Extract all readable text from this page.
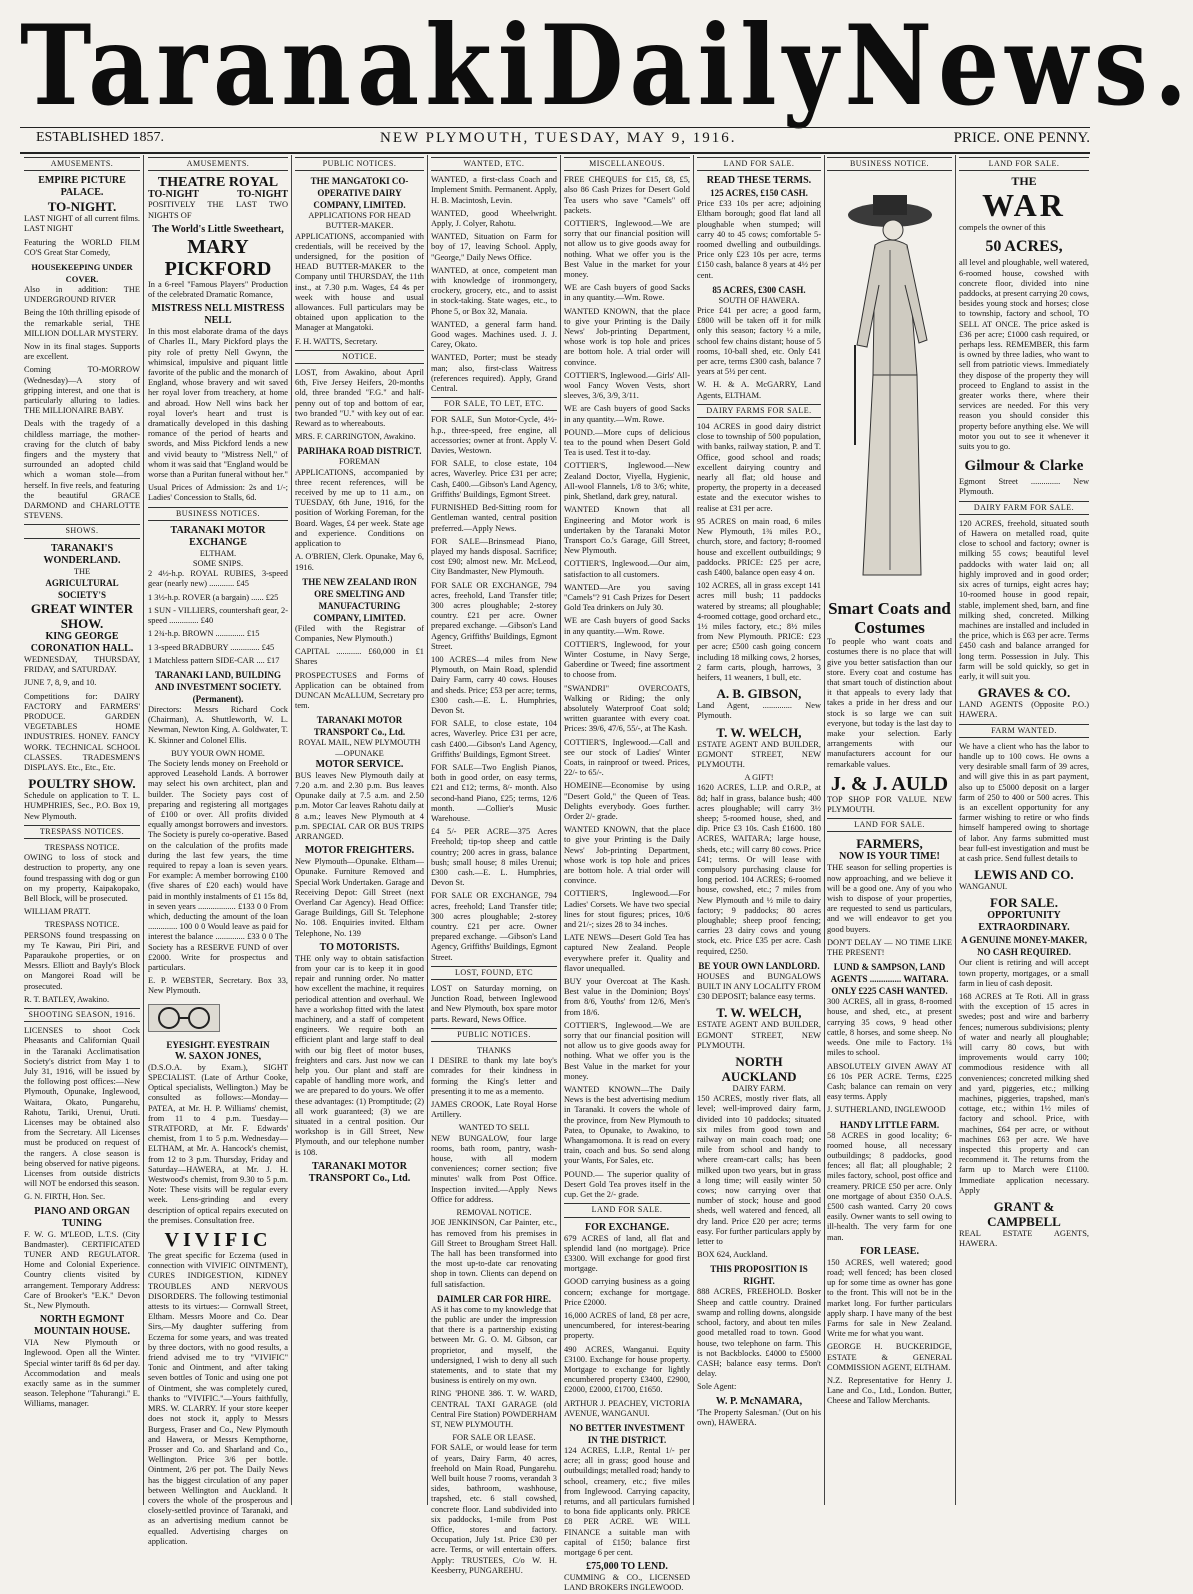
Taranaki Daily News.
ESTABLISHED 1857.	NEW PLYMOUTH, TUESDAY, MAY 9, 1916.	PRICE. ONE PENNY.
AMUSEMENTS.
EMPIRE PICTURE PALACE.
TO-NIGHT.

LAST NIGHT of all current films. LAST NIGHT

Featuring the WORLD FILM CO'S Great Star Comedy,

HOUSEKEEPING UNDER COVER.

Also in addition: THE UNDERGROUND RIVER

Being the 10th thrilling episode of the remarkable serial, THE MILLION DOLLAR MYSTERY.

Now in its final stages. Supports are excellent.

Coming TO-MORROW (Wednesday)—A story of gripping interest, and one that is particularly alluring to ladies. THE MILLIONAIRE BABY.

Deals with the tragedy of a childless marriage, the mother-craving for the clutch of baby fingers and the mystery that surrounded an adopted child which a woman stole—from herself. In five reels, and featuring the beautiful GRACE DARMOND and CHARLOTTE STEVENS.

SHOWS.
TARANAKI'S WONDERLAND.
THE
AGRICULTURAL SOCIETY'S
GREAT WINTER SHOW.
KING GEORGE CORONATION HALL.

WEDNESDAY, THURSDAY, FRIDAY, and SATURDAY.

JUNE 7, 8, 9, and 10.

Competitions for: DAIRY FACTORY and FARMERS' PRODUCE. GARDEN VEGETABLES HOME INDUSTRIES. HONEY. FANCY WORK. TECHNICAL SCHOOL CLASSES. TRADESMEN'S DISPLAYS. Etc., Etc., Etc.

POULTRY SHOW.

Schedule on application to T. L. HUMPHRIES, Sec., P.O. Box 19, New Plymouth.

TRESPASS NOTICES.
TRESPASS NOTICE.

OWING to loss of stock and destruction to property, any one found trespassing with dog or gun on my property, Kaipakopako, Bell Block, will be prosecuted.

WILLIAM PRATT.

TRESPASS NOTICE.

PERSONS found trespassing on my Te Kawau, Piri Piri, and Paparaukohe properties, or on Messrs. Elliott and Bayly's Block on Mangorei Road will be prosecuted.

R. T. BATLEY, Awakino.

SHOOTING SEASON, 1916.

LICENSES to shoot Cock Pheasants and Californian Quail in the Taranaki Acclimatisation Society's district from May 1 to July 31, 1916, will be issued by the following post offices:—New Plymouth, Opunake, Inglewood, Waitara, Okato, Pungarehu, Rahotu, Tariki, Urenui, Uruti. Licenses may be obtained also from the Secretary. All Licenses must be produced on request of the rangers. A close season is being observed for native pigeons. Licenses from outside districts will NOT be endorsed this season.

G. N. FIRTH, Hon. Sec.

PIANO AND ORGAN TUNING

F. W. G. M'LEOD, L.T.S. (City Bandmaster). CERTIFICATED TUNER AND REGULATOR. Home and Colonial Experience. Country clients visited by arrangement. Temporary Address: Care of Brooker's "E.K." Devon St., New Plymouth.

NORTH EGMONT MOUNTAIN HOUSE.

VIA New Plymouth or Inglewood. Open all the Winter. Special winter tariff 8s 6d per day. Accommodation and meals exactly same as in the summer season. Telephone "Tahurangi." E. Williams, manager.

AMUSEMENTS.
THEATRE ROYAL
TO-NIGHT	TO-NIGHT

POSITIVELY THE LAST TWO NIGHTS OF

The World's Little Sweetheart,
MARY PICKFORD

In a 6-reel "Famous Players" Production of the celebrated Dramatic Romance,

MISTRESS NELL MISTRESS NELL

In this most elaborate drama of the days of Charles II., Mary Pickford plays the pity role of pretty Nell Gwynn, the whimsical, impulsive and piquant little favorite of the public and the monarch of England, whose bravery and wit saved her royal lover from treachery, at home and abroad. How Nell wins back her royal lover's heart and trust is dramatically developed in this dashing romance of the period of hearts and swords, and Miss Pickford lends a new and vivid beauty to "Mistress Nell," of whom it was said that "England would be worse than a Puritan funeral without her."

Usual Prices of Admission: 2s and 1/-; Ladies' Concession to Stalls, 6d.

BUSINESS NOTICES.
TARANAKI MOTOR EXCHANGE
ELTHAM.
SOME SNIPS.

2 4½-h.p. ROYAL RUBIES, 3-speed gear (nearly new) ............ £45

1 3½-h.p. ROVER (a bargain) ...... £25

1 SUN - VILLIERS, countershaft gear, 2-speed .............. £40

1 2¾-h.p. BROWN .............. £15

1 3-speed BRADBURY .............. £45

1 Matchless pattern SIDE-CAR .... £17

TARANAKI LAND, BUILDING AND INVESTMENT SOCIETY. (Permanent).

Directors: Messrs Richard Cock (Chairman), A. Shuttleworth, W. L. Newman, Newton King, A. Goldwater, T. K. Skinner and Colonel Ellis.

BUY YOUR OWN HOME.

The Society lends money on Freehold or approved Leasehold Lands. A borrower may select his own architect, plan and builder. The Society pays cost of preparing and registering all mortgages of £100 or over. All profits divided equally amongst borrowers and investors. The Society is purely co-operative. Based on the calculation of the profits made during the last few years, the time required to repay a loan is seven years. For example: A member borrowing £100 (five shares of £20 each) would have paid in monthly instalments of £1 15s 8d, in seven years .................. £133 0 0 From which, deducting the amount of the loan .............. 100 0 0 Would leave as paid for interest the balance .............. £33 0 0 The Society has a RESERVE FUND of over £2000. Write for prospectus and particulars.

E. P. WEBSTER, Secretary. Box 33, New Plymouth.

EYESIGHT. EYESTRAIN
W. SAXON JONES,

(D.S.O.A. by Exam.), SIGHT SPECIALIST. (Late of Arthur Cooke, Optical specialists, Wellington.) May be consulted as follows:—Monday—PATEA, at Mr. H. P. Williams' chemist, from 11 to 4 p.m. Tuesday—STRATFORD, at Mr. F. Edwards' chemist, from 1 to 5 p.m. Wednesday—ELTHAM, at Mr. A. Hancock's chemist, from 12 to 3 p.m. Thursday, Friday and Saturday—HAWERA, at Mr. J. H. Westwood's chemist, from 9.30 to 5 p.m. Note: These visits will be regular every week. Lens-grinding and every description of optical repairs executed on the premises. Consultation free.

VIVIFIC

The great specific for Eczema (used in connection with VIVIFIC OINTMENT), CURES INDIGESTION, KIDNEY TROUBLES AND NERVOUS DISORDERS. The following testimonial attests to its virtues:— Cornwall Street, Eltham. Messrs Moore and Co. Dear Sirs,—My daughter suffering from Eczema for some years, and was treated by three doctors, with no good results, a friend advised me to try "VIVIFIC" Tonic and Ointment, and after taking seven bottles of Tonic and using one pot of Ointment, she was completely cured, thanks to "VIVIFIC."—Yours faithfully, MRS. W. CLARRY. If your store keeper does not stock it, apply to Messrs Burgess, Fraser and Co., New Plymouth and Hawera, or Messrs Kempthorne, Prosser and Co. and Sharland and Co., Wellington. Price 3/6 per bottle. Ointment, 2/6 per pot. The Daily News has the biggest circulation of any paper between Wellington and Auckland. It covers the whole of the prosperous and closely-settled province of Taranaki, and as an advertising medium cannot be equalled. Advertising charges on application.

PUBLIC NOTICES.
THE MANGATOKI CO-OPERATIVE DAIRY COMPANY, LIMITED.
APPLICATIONS FOR HEAD BUTTER-MAKER.

APPLICATIONS, accompanied with credentials, will be received by the undersigned, for the position of HEAD BUTTER-MAKER to the Company until THURSDAY, the 11th inst., at 7.30 p.m. Wages, £4 4s per week with house and usual allowances. Full particulars may be obtained upon application to the Manager at Mangatoki.

F. H. WATTS, Secretary.

NOTICE.

LOST, from Awakino, about April 6th, Five Jersey Heifers, 20-months old, three branded "F.G." and half-penny out of top and bottom of ear, two branded "U." with key out of ear. Reward as to whereabouts.

MRS. F. CARRINGTON, Awakino.

PARIHAKA ROAD DISTRICT.
FOREMAN

APPLICATIONS, accompanied by three recent references, will be received by me up to 11 a.m., on TUESDAY, 6th June, 1916, for the position of Working Foreman, for the Board. Wages, £4 per week. State age and experience. Conditions on application to

A. O'BRIEN, Clerk. Opunake, May 6, 1916.

THE NEW ZEALAND IRON ORE SMELTING AND MANUFACTURING COMPANY, LIMITED.

(Filed with the Registrar of Companies, New Plymouth.)

CAPITAL ............ £60,000 in £1 Shares

PROSPECTUSES and Forms of Application can be obtained from DUNCAN McALLUM, Secretary pro tem.

TARANAKI MOTOR TRANSPORT Co., Ltd.
ROYAL MAIL, NEW PLYMOUTH—OPUNAKE
MOTOR SERVICE.

BUS leaves New Plymouth daily at 7.20 a.m. and 2.30 p.m. Bus leaves Opunake daily at 7.5 a.m. and 2.50 p.m. Motor Car leaves Rahotu daily at 8 a.m.; leaves New Plymouth at 4 p.m. SPECIAL CAR OR BUS TRIPS ARRANGED.

MOTOR FREIGHTERS.

New Plymouth—Opunake. Eltham—Opunake. Furniture Removed and Special Work Undertaken. Garage and Receiving Depot: Gill Street (next Overland Car Agency). Head Office: Garage Buildings, Gill St. Telephone No. 108. Enquiries invited. Eltham Telephone, No. 139

TO MOTORISTS.

THE only way to obtain satisfaction from your car is to keep it in good repair and running order. No matter how excellent the machine, it requires periodical attention and overhaul. We have a workshop fitted with the latest machinery, and a staff of competent engineers. We require both an efficient plant and large staff to deal with our big fleet of motor buses, freighters and cars. Just now we can help you. Our plant and staff are capable of handling more work, and we are prepared to do yours. We offer these advantages: (1) Promptitude; (2) all work guaranteed; (3) we are situated in a central position. Our workshop is in Gill Street, New Plymouth, and our telephone number is 108.

TARANAKI MOTOR TRANSPORT Co., Ltd.
WANTED, ETC.

WANTED, a first-class Coach and Implement Smith. Permanent. Apply, H. B. Macintosh, Levin.

WANTED, good Wheelwright. Apply, J. Colyer, Rahotu.

WANTED, Situation on Farm for boy of 17, leaving School. Apply, "George," Daily News Office.

WANTED, at once, competent man with knowledge of ironmongery, crockery, grocery, etc., and to assist in stock-taking. State wages, etc., to Phone 5, or Box 32, Manaia.

WANTED, a general farm hand. Good wages. Machines used. J. J. Carey, Okato.

WANTED, Porter; must be steady man; also, first-class Waitress (references required). Apply, Grand Central.

FOR SALE, TO LET, ETC.

FOR SALE, Sun Motor-Cycle, 4½-h.p., three-speed, free engine, all accessories; owner at front. Apply V. Davies, Westown.

FOR SALE, to close estate, 104 acres, Waverley. Price £31 per acre; Cash, £400.—Gibson's Land Agency, Griffiths' Buildings, Egmont Street.

FURNISHED Bed-Sitting room for Gentleman wanted, central position preferred.—Apply News.

FOR SALE—Brinsmead Piano, played my hands disposal. Sacrifice; cost £90; almost new. Mr. McLeod, City Bandmaster, New Plymouth.

FOR SALE OR EXCHANGE, 794 acres, freehold, Land Transfer title; 300 acres ploughable; 2-storey country. £21 per acre. Owner prepared exchange. —Gibson's Land Agency, Griffiths' Buildings, Egmont Street.

100 ACRES—4 miles from New Plymouth, on Main Road, splendid Dairy Farm, carry 40 cows. Houses and sheds. Price; £53 per acre; terms, £300 cash.—E. L. Humphries, Devon St.

FOR SALE, to close estate, 104 acres, Waverley. Price £31 per acre, cash £400.—Gibson's Land Agency, Griffiths' Buildings, Egmont Street.

FOR SALE—Two English Pianos, both in good order, on easy terms, £21 and £12; terms, 8/- month. Also second-hand Piano, £25; terms, 12/6 month. —Collier's Music Warehouse.

£4 5/- PER ACRE—375 Acres Freehold; tip-top sheep and cattle country; 200 acres in grass, balance bush; small house; 8 miles Urenui; £300 cash.—E. L. Humphries, Devon St.

FOR SALE OR EXCHANGE, 794 acres, freehold; Land Transfer title; 300 acres ploughable; 2-storey country. £21 per acre. Owner prepared exchange. —Gibson's Land Agency, Griffiths' Buildings, Egmont Street.

LOST, FOUND, ETC

LOST on Saturday morning, on Junction Road, between Inglewood and New Plymouth, box spare motor parts. Reward, News Office.

PUBLIC NOTICES.
THANKS

I DESIRE to thank my late boy's comrades for their kindness in forming the King's letter and presenting it to me as a memento.

JAMES CROOK, Late Royal Horse Artillery.

WANTED TO SELL

NEW BUNGALOW, four large rooms, bath room, pantry, wash-house, with all modern conveniences; corner section; five minutes' walk from Post Office. Inspection invited.—Apply News Office for address.

REMOVAL NOTICE.

JOE JENKINSON, Car Painter, etc., has removed from his premises in Gill Street to Brougham Street Hall. The hall has been transformed into the most up-to-date car renovating shop in town. Clients can depend on full satisfaction.

DAIMLER CAR FOR HIRE.

AS it has come to my knowledge that the public are under the impression that there is a partnership existing between Mr. G. O. M. Gibson, car proprietor, and myself, the undersigned, I wish to deny all such statements, and to state that my business is entirely on my own.

RING 'PHONE 386. T. W. WARD, CENTRAL TAXI GARAGE (old Central Fire Station) POWDERHAM ST, NEW PLYMOUTH.

FOR SALE OR LEASE.

FOR SALE, or would lease for term of years, Dairy Farm, 40 acres, freehold on Main Road, Pungarehu. Well built house 7 rooms, verandah 3 sides, bathroom, washhouse, trapshed, etc. 6 stall cowshed, concrete floor. Land subdivided into six paddocks, 1-mile from Post Office, stores and factory. Occupation, July 1st. Price £30 per acre. Terms, or will entertain offers. Apply: TRUSTEES, C/o W. H. Keesberry, PUNGAREHU.

MISCELLANEOUS.

FREE CHEQUES for £15, £8, £5, also 86 Cash Prizes for Desert Gold Tea users who save "Camels" off packets.

COTTIER'S, Inglewood.—We are sorry that our financial position will not allow us to give goods away for nothing. What we offer you is the Best Value in the market for your money.

WE are Cash buyers of good Sacks in any quantity.—Wm. Rowe.

WANTED KNOWN, that the place to give your Printing is the Daily News' Job-printing Department, whose work is top hole and prices are bottom hole. A trial order will convince.

COTTIER'S, Inglewood.—Girls' All-wool Fancy Woven Vests, short sleeves, 3/6, 3/9, 3/11.

WE are Cash buyers of good Sacks in any quantity.—Wm. Rowe.

POUND.—More cups of delicious tea to the pound when Desert Gold Tea is used. Test it to-day.

COTTIER'S, Inglewood.—New Zealand Doctor, Viyella, Hygienic, All-wool Flannels, 1/8 to 3/6; white, pink, Shetland, dark grey, natural.

WANTED Known that all Engineering and Motor work is undertaken by the Taranaki Motor Transport Co.'s Garage, Gill Street, New Plymouth.

COTTIER'S, Inglewood.—Our aim, satisfaction to all customers.

WANTED—Are you saving "Camels"? 91 Cash Prizes for Desert Gold Tea drinkers on July 30.

WE are Cash buyers of good Sacks in any quantity.—Wm. Rowe.

COTTIER'S, Inglewood, for your Winter Costume, in Navy Serge, Gaberdine or Tweed; fine assortment to choose from.

"SWANDRI" OVERCOATS, Walking or Riding; the only absolutely Waterproof Coat sold; written guarantee with every coat. Prices: 39/6, 47/6, 55/-, at The Kash.

COTTIER'S, Inglewood.—Call and see our stock of Ladies' Winter Coats, in rainproof or tweed. Prices, 22/- to 65/-.

HOMEINE—Economise by using "Desert Gold," the Queen of Teas. Delights everybody. Goes further. Order 2/- grade.

WANTED KNOWN, that the place to give your Printing is the Daily News' Job-printing Department, whose work is top hole and prices are bottom hole. A trial order will convince.

COTTIER'S, Inglewood.—For Ladies' Corsets. We have two special lines for stout figures; prices, 10/6 and 21/-; sizes 28 to 34 inches.

LATE NEWS—Desert Gold Tea has captured New Zealand. People everywhere prefer it. Quality and flavor unequalled.

BUY your Overcoat at The Kash. Best value in the Dominion; Boys' from 8/6, Youths' from 12/6, Men's from 18/6.

COTTIER'S, Inglewood.—We are sorry that our financial position will not allow us to give goods away for nothing. What we offer you is the Best Value in the market for your money.

WANTED KNOWN—The Daily News is the best advertising medium in Taranaki. It covers the whole of the province, from New Plymouth to Patea, to Opunake, to Awakino, to Whangamomona. It is read on every train, coach and bus. So send along your Wants, For Sales, etc.

POUND.— The superior quality of Desert Gold Tea proves itself in the cup. Get the 2/- grade.

LAND FOR SALE.
FOR EXCHANGE.

679 ACRES of land, all flat and splendid land (no mortgage). Price £3300. Will exchange for good first mortgage.

GOOD carrying business as a going concern; exchange for mortgage. Price £2000.

16,000 ACRES of land, £8 per acre, unencumbered, for interest-bearing property.

490 ACRES, Wanganui. Equity £3100. Exchange for house property. Mortgage to exchange for lightly encumbered property £3400, £2900, £2000, £2000, £1700, £1650.

ARTHUR J. PEACHEY, VICTORIA AVENUE, WANGANUI.

NO BETTER INVESTMENT IN THE DISTRICT.

124 ACRES, L.I.P., Rental 1/- per acre; all in grass; good house and outbuildings; metalled road; handy to school, creamery, etc.; five miles from Inglewood. Carrying capacity, returns, and all particulars furnished to bona fide applicants only. PRICE £8 PER ACRE. WE WILL FINANCE a suitable man with capital of £150; balance first mortgage 6 per cent.

£75,000 TO LEND.

CUMMING & CO., LICENSED LAND BROKERS INGLEWOOD.

LAND FOR SALE.
READ THESE TERMS.
125 ACRES, £150 CASH.

Price £33 10s per acre; adjoining Eltham borough; good flat land all ploughable when stumped; will carry 40 to 45 cows; comfortable 5-roomed dwelling and outbuildings. Price only £23 10s per acre, terms £150 cash, balance 8 years at 4½ per cent.

85 ACRES, £300 CASH.
SOUTH OF HAWERA.

Price £41 per acre; a good farm, £800 will be taken off it for milk only this season; factory ½ a mile, school few chains distant; house of 5 rooms, 10-ball shed, etc. Only £41 per acre, terms £300 cash, balance 7 years at 5½ per cent.

W. H. & A. McGARRY, Land Agents, ELTHAM.

DAIRY FARMS FOR SALE.

104 ACRES in good dairy district close to township of 500 population, with banks, railway station, P. and T. Office, good school and roads; excellent dairying country and nearly all flat; old house and property, the property in a deceased estate and the executor wishes to realise at £31 per acre.

95 ACRES on main road, 6 miles New Plymouth, 1¾ miles P.O., church, store, and factory; 8-roomed house and excellent outbuildings; 9 paddocks. PRICE: £25 per acre, cash £400, balance open easy 4 on.

102 ACRES, all in grass except 141 acres mill bush; 11 paddocks watered by streams; all ploughable; 4-roomed cottage, good orchard etc., 1½ miles factory, etc.; 8½ miles from New Plymouth. PRICE: £23 per acre; £500 cash going concern including 18 milking cows, 2 horses, 2 farm carts, plough, harrows, 3 heifers, 11 weaners, 1 bull, etc.

A. B. GIBSON,

Land Agent, .............. New Plymouth.

T. W. WELCH,

ESTATE AGENT AND BUILDER, EGMONT STREET, NEW PLYMOUTH.

A GIFT!

1620 ACRES, L.I.P. and O.R.P., at 8d; half in grass, balance bush; 400 acres ploughable; will carry 3½ sheep; 5-roomed house, shed, and dip. Price £3 10s. Cash £1600. 180 ACRES, WAITARA; large house, sheds, etc.; will carry 80 cows. Price £41; terms. Or will lease with compulsory purchasing clause for long period. 104 ACRES; 6-roomed house, cowshed, etc.; 7 miles from New Plymouth and ½ mile to dairy factory; 9 paddocks; 80 acres ploughable; sheep proof fencing; carries 23 dairy cows and young stock, etc. Price £35 per acre. Cash required, £250.

BE YOUR OWN LANDLORD.

HOUSES and BUNGALOWS BUILT IN ANY LOCALITY FROM £30 DEPOSIT; balance easy terms.

T. W. WELCH,

ESTATE AGENT AND BUILDER, EGMONT STREET, NEW PLYMOUTH.

NORTH AUCKLAND
DAIRY FARM.

150 ACRES, mostly river flats, all level; well-improved dairy farm, divided into 10 paddocks; situated six miles from good town and railway on main coach road; one mile from school and handy to where cream-cart calls; has been milked upon two years, but in grass a long time; will easily winter 50 cows; now carrying over that number of stock; house and good sheds, well watered and fenced, all dry land. Price £20 per acre; terms easy. For further particulars apply by letter to

BOX 624, Auckland.

THIS PROPOSITION IS RIGHT.

888 ACRES, FREEHOLD. Bosker Sheep and cattle country. Drained swamp and rolling downs, alongside school, factory, and about ten miles good metalled road to town. Good house, two telephone on farm. This is not Backblocks. £4000 to £5000 CASH; balance easy terms. Don't delay.

Sole Agent:

W. P. McNAMARA,

'The Property Salesman.' (Out on his own), HAWERA.

BUSINESS NOTICE.
Smart Coats and Costumes

To people who want coats and costumes there is no place that will give you better satisfaction than our store. Every coat and costume has that smart touch of distinction about it that appeals to every lady that takes a pride in her dress and our stock is so large we can suit everyone, but today is the last day to make your selection. Early arrangements with our manufacturers account for our remarkable values.

J. & J. AULD

TOP SHOP FOR VALUE. NEW PLYMOUTH.

LAND FOR SALE.
FARMERS,
NOW IS YOUR TIME!

THE season for selling properties is now approaching, and we believe it will be a good one. Any of you who wish to dispose of your properties, are requested to send us particulars, and we will endeavor to get you good buyers.

DON'T DELAY — NO TIME LIKE THE PRESENT!

LUND & SAMPSON, LAND AGENTS .............. WAITARA.
ONLY £225 CASH WANTED.

300 ACRES, all in grass, 8-roomed house, and shed, etc., at present carrying 35 cows, 9 head other cattle, 8 horses, and some sheep. No weeds. One mile to Factory. 1¼ miles to school.

ABSOLUTELY GIVEN AWAY AT £6 10s PER ACRE. Terms, £225 Cash; balance can remain on very easy terms. Apply

J. SUTHERLAND, INGLEWOOD

HANDY LITTLE FARM.

58 ACRES in good locality; 6-roomed house, all necessary outbuildings; 8 paddocks, good fences; all flat; all ploughable; 2 miles factory, school, post office and creamery. PRICE £50 per acre. Only one mortgage of about £350 O.A.S. £500 cash wanted. Carry 20 cows easily. Owner wants to sell owing to ill-health. The very farm for one man.

FOR LEASE.

150 ACRES, well watered; good road; well fenced; has been closed up for some time as owner has gone to the front. This will not be in the market long. For further particulars apply sharp. I have many of the best Farms for sale in New Zealand. Write me for what you want.

GEORGE H. BUCKERIDGE, ESTATE & GENERAL COMMISSION AGENT, ELTHAM.

N.Z. Representative for Henry J. Lane and Co., Ltd., London. Butter, Cheese and Tallow Merchants.

LAND FOR SALE.
THE
WAR

compels the owner of this

50 ACRES,

all level and ploughable, well watered, 6-roomed house, cowshed with concrete floor, divided into nine paddocks, at present carrying 20 cows, besides young stock and horses; close to township, factory and school, TO SELL AT ONCE. The price asked is £36 per acre; £1000 cash required, or perhaps less. REMEMBER, this farm is owned by three ladies, who want to sell from patriotic views. Immediately they dispose of the property they will proceed to England to assist in the greater works there, where their services are needed. For this very reason you should consider this property before anything else. We will motor you out to see it whenever it suits you to go.

Gilmour & Clarke

Egmont Street .............. New Plymouth.

DAIRY FARM FOR SALE.

120 ACRES, freehold, situated south of Hawera on metalled road, quite close to school and factory; owner is milking 55 cows; beautiful level paddocks with water laid on; all highly improved and in good order; six acres of turnips, eight acres hay; 10-roomed house in good repair, stable, implement shed, barn, and fine milking shed, concreted. Milking machines are installed and included in the price, which is £63 per acre. Terms £450 cash and balance arranged for long term. Possession in July. This farm will be sold quickly, so get in early, it will suit you.

GRAVES & CO.

LAND AGENTS (Opposite P.O.) HAWERA.

FARM WANTED.

We have a client who has the labor to handle up to 100 cows. He owns a very desirable small farm of 39 acres, and will give this in as part payment, also up to £5000 deposit on a larger farm of 250 to 400 or 500 acres. This is an excellent opportunity for any farmer wishing to retire or who finds himself hampered owing to shortage of labor. Any farms submitted must bear full-est investigation and must be at cash price. Send fullest details to

LEWIS AND CO.

WANGANUI.

FOR SALE.
OPPORTUNITY EXTRAORDINARY.
A GENUINE MONEY-MAKER,
NO CASH REQUIRED.

Our client is retiring and will accept town property, mortgages, or a small farm in lieu of cash deposit.

168 ACRES at Te Roti. All in grass with the exception of 15 acres in swedes; post and wire and barberry fences; numerous subdivisions; plenty of water and nearly all ploughable; will carry 80 cows, but with improvements would carry 100; commodious residence with all conveniences; concreted milking shed and yard, piggeries, etc.; milking machines, piggeries, trapshed, man's cottage, etc.; within 1½ miles of factory and school. Price, with machines, £64 per acre, or without machines £63 per acre. We have inspected this property and can recommend it. The returns from the farm up to March were £1100. Immediate application necessary. Apply

GRANT & CAMPBELL

REAL ESTATE AGENTS, HAWERA.
